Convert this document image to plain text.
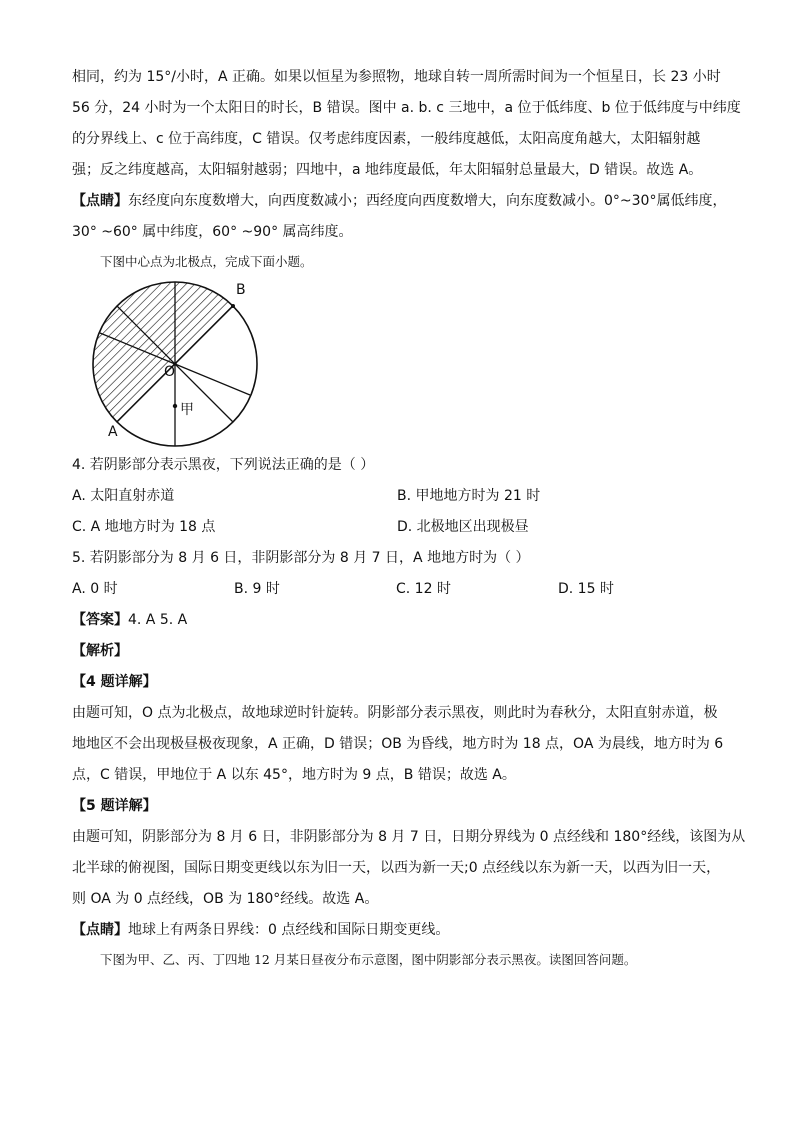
相同，约为 15°/小时，A 正确。如果以恒星为参照物，地球自转一周所需时间为一个恒星日，长 23 小时
56 分，24 小时为一个太阳日的时长，B 错误。图中 a. b. c 三地中，a 位于低纬度、b 位于低纬度与中纬度
的分界线上、c 位于高纬度，C 错误。仅考虑纬度因素，一般纬度越低，太阳高度角越大，太阳辐射越
强；反之纬度越高，太阳辐射越弱；四地中，a 地纬度最低，年太阳辐射总量最大，D 错误。故选 A。
【点睛】东经度向东度数增大，向西度数减小；西经度向西度数增大，向东度数减小。0°~30°属低纬度，
30° ~60° 属中纬度，60° ~90° 属高纬度。
下图中心点为北极点，完成下面小题。
B
O
甲
A
4. 若阴影部分表示黑夜，下列说法正确的是（ ）
A. 太阳直射赤道	B. 甲地地方时为 21 时
C. A 地地方时为 18 点	D. 北极地区出现极昼
5. 若阴影部分为 8 月 6 日，非阴影部分为 8 月 7 日，A 地地方时为（ ）
A. 0 时	B. 9 时	C. 12 时	D. 15 时
【答案】4. A 5. A
【解析】
【4 题详解】
由题可知，O 点为北极点，故地球逆时针旋转。阴影部分表示黑夜，则此时为春秋分，太阳直射赤道，极
地地区不会出现极昼极夜现象，A 正确，D 错误；OB 为昏线，地方时为 18 点，OA 为晨线，地方时为 6
点，C 错误，甲地位于 A 以东 45°，地方时为 9 点，B 错误；故选 A。
【5 题详解】
由题可知，阴影部分为 8 月 6 日，非阴影部分为 8 月 7 日，日期分界线为 0 点经线和 180°经线，该图为从
北半球的俯视图，国际日期变更线以东为旧一天，以西为新一天;0 点经线以东为新一天，以西为旧一天，
则 OA 为 0 点经线，OB 为 180°经线。故选 A。
【点睛】地球上有两条日界线：0 点经线和国际日期变更线。
下图为甲、乙、丙、丁四地 12 月某日昼夜分布示意图，图中阴影部分表示黑夜。读图回答问题。
